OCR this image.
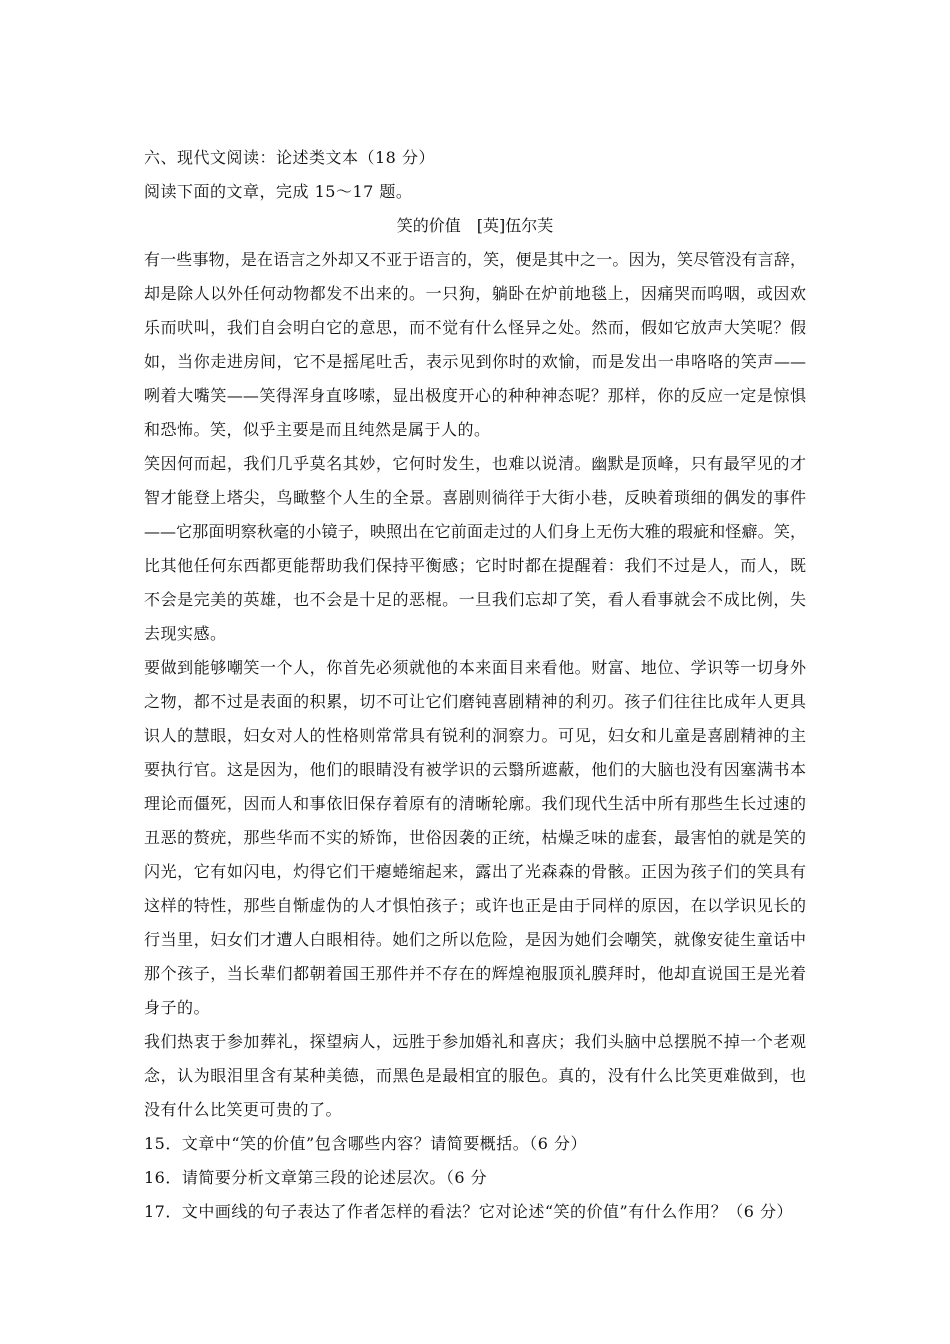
六、现代文阅读：论述类文本（18 分）
阅读下面的文章，完成 15～17 题。
笑的价值　[英]伍尔芙
有一些事物，是在语言之外却又不亚于语言的，笑，便是其中之一。因为，笑尽管没有言辞，
却是除人以外任何动物都发不出来的。一只狗，躺卧在炉前地毯上，因痛哭而呜咽，或因欢
乐而吠叫，我们自会明白它的意思，而不觉有什么怪异之处。然而，假如它放声大笑呢？假
如，当你走进房间，它不是摇尾吐舌，表示见到你时的欢愉，而是发出一串咯咯的笑声——
咧着大嘴笑——笑得浑身直哆嗦，显出极度开心的种种神态呢？那样，你的反应一定是惊惧
和恐怖。笑，似乎主要是而且纯然是属于人的。
笑因何而起，我们几乎莫名其妙，它何时发生，也难以说清。幽默是顶峰，只有最罕见的才
智才能登上塔尖，鸟瞰整个人生的全景。喜剧则徜徉于大街小巷，反映着琐细的偶发的事件
——它那面明察秋毫的小镜子，映照出在它前面走过的人们身上无伤大雅的瑕疵和怪癖。笑，
比其他任何东西都更能帮助我们保持平衡感；它时时都在提醒着：我们不过是人，而人，既
不会是完美的英雄，也不会是十足的恶棍。一旦我们忘却了笑，看人看事就会不成比例，失
去现实感。
要做到能够嘲笑一个人，你首先必须就他的本来面目来看他。财富、地位、学识等一切身外
之物，都不过是表面的积累，切不可让它们磨钝喜剧精神的利刃。孩子们往往比成年人更具
识人的慧眼，妇女对人的性格则常常具有锐利的洞察力。可见，妇女和儿童是喜剧精神的主
要执行官。这是因为，他们的眼睛没有被学识的云翳所遮蔽，他们的大脑也没有因塞满书本
理论而僵死，因而人和事依旧保存着原有的清晰轮廓。我们现代生活中所有那些生长过速的
丑恶的赘疣，那些华而不实的矫饰，世俗因袭的正统，枯燥乏味的虚套，最害怕的就是笑的
闪光，它有如闪电，灼得它们干瘪蜷缩起来，露出了光森森的骨骸。正因为孩子们的笑具有
这样的特性，那些自惭虚伪的人才惧怕孩子；或许也正是由于同样的原因，在以学识见长的
行当里，妇女们才遭人白眼相待。她们之所以危险，是因为她们会嘲笑，就像安徒生童话中
那个孩子，当长辈们都朝着国王那件并不存在的辉煌袍服顶礼膜拜时，他却直说国王是光着
身子的。
我们热衷于参加葬礼，探望病人，远胜于参加婚礼和喜庆；我们头脑中总摆脱不掉一个老观
念，认为眼泪里含有某种美德，而黑色是最相宜的服色。真的，没有什么比笑更难做到，也
没有什么比笑更可贵的了。
15．文章中“笑的价值”包含哪些内容？请简要概括。（6 分）
16．请简要分析文章第三段的论述层次。（6 分
17．文中画线的句子表达了作者怎样的看法？它对论述“笑的价值”有什么作用？（6 分）
